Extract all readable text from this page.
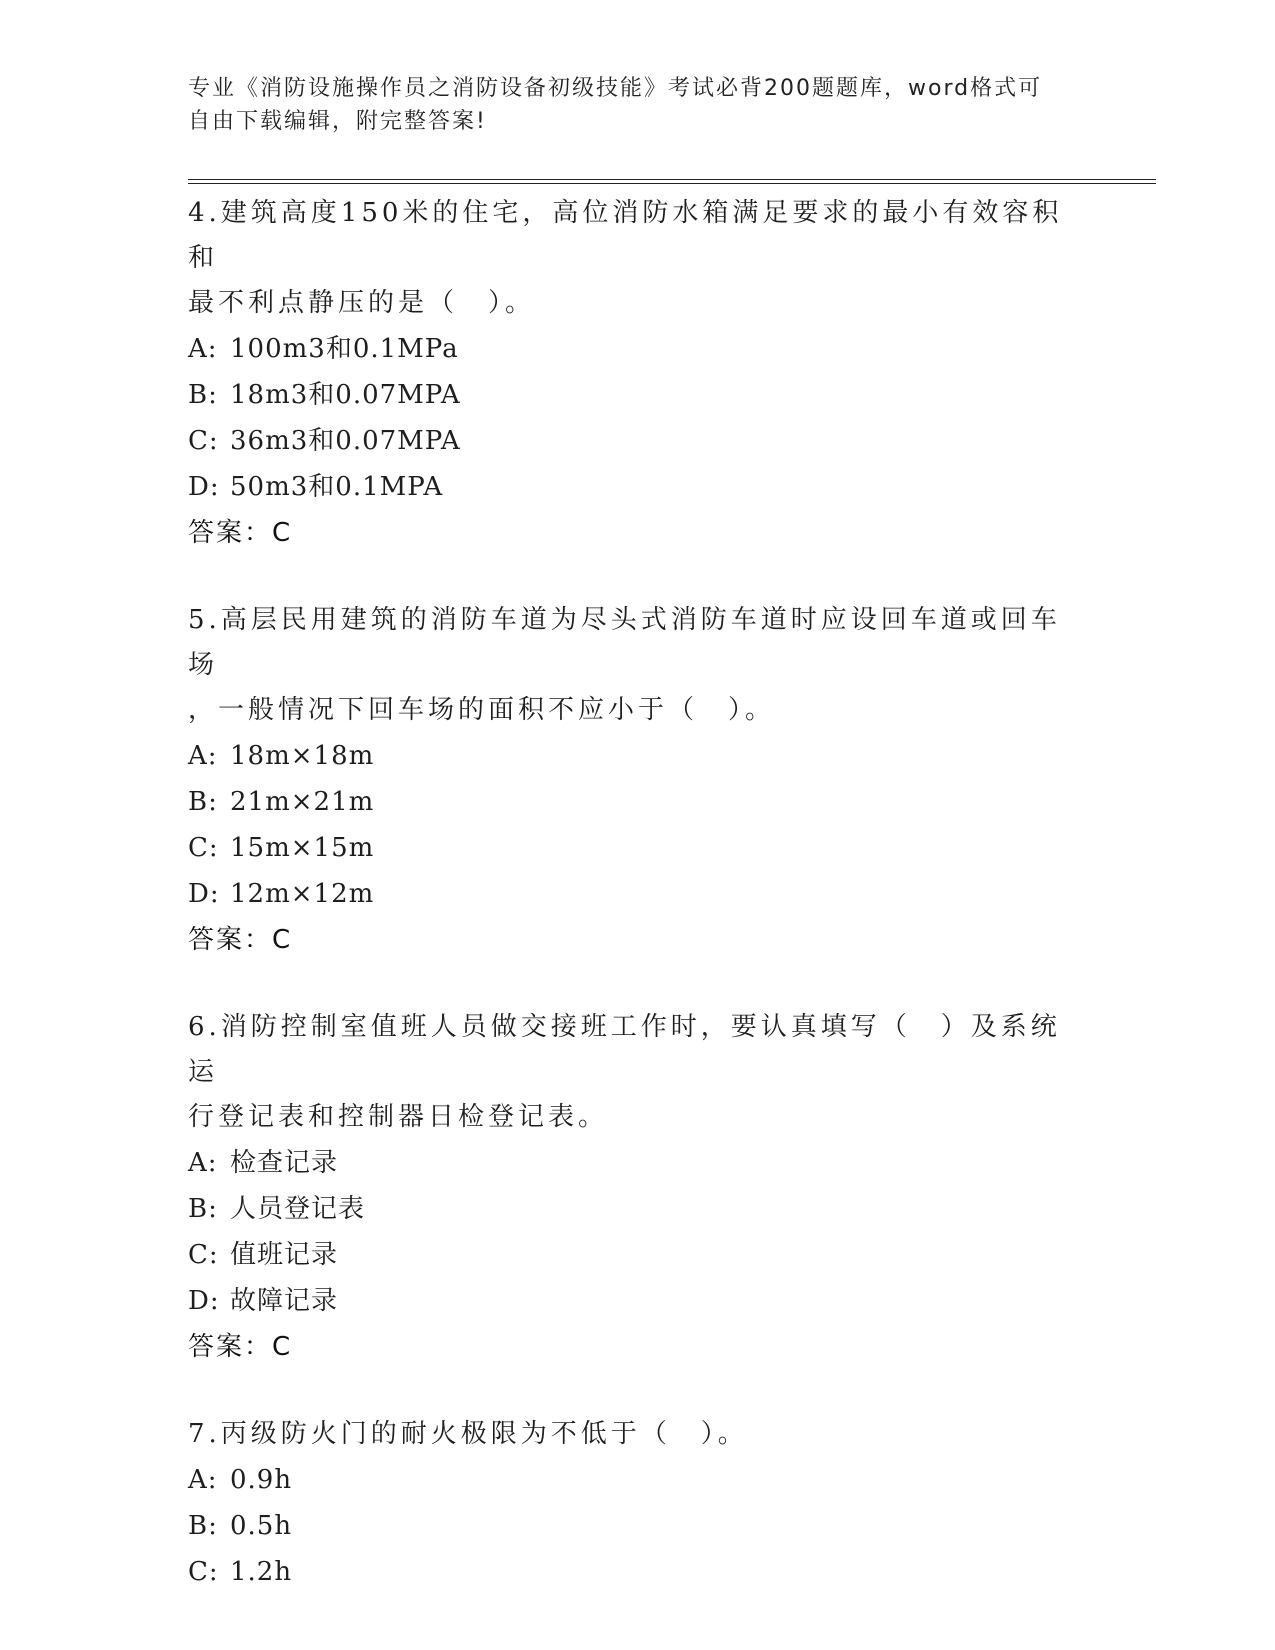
专业《消防设施操作员之消防设备初级技能》考试必背200题题库，word格式可
自由下载编辑，附完整答案!
4.建筑高度150米的住宅，高位消防水箱满足要求的最小有效容积和
最不利点静压的是（　）。
A: 100m3和0.1MPa
B: 18m3和0.07MPA
C: 36m3和0.07MPA
D: 50m3和0.1MPA
答案：C
5.高层民用建筑的消防车道为尽头式消防车道时应设回车道或回车场
，一般情况下回车场的面积不应小于（　）。
A: 18m×18m
B: 21m×21m
C: 15m×15m
D: 12m×12m
答案：C
6.消防控制室值班人员做交接班工作时，要认真填写（　）及系统运
行登记表和控制器日检登记表。
A: 检查记录
B: 人员登记表
C: 值班记录
D: 故障记录
答案：C
7.丙级防火门的耐火极限为不低于（　）。
A: 0.9h
B: 0.5h
C: 1.2h
